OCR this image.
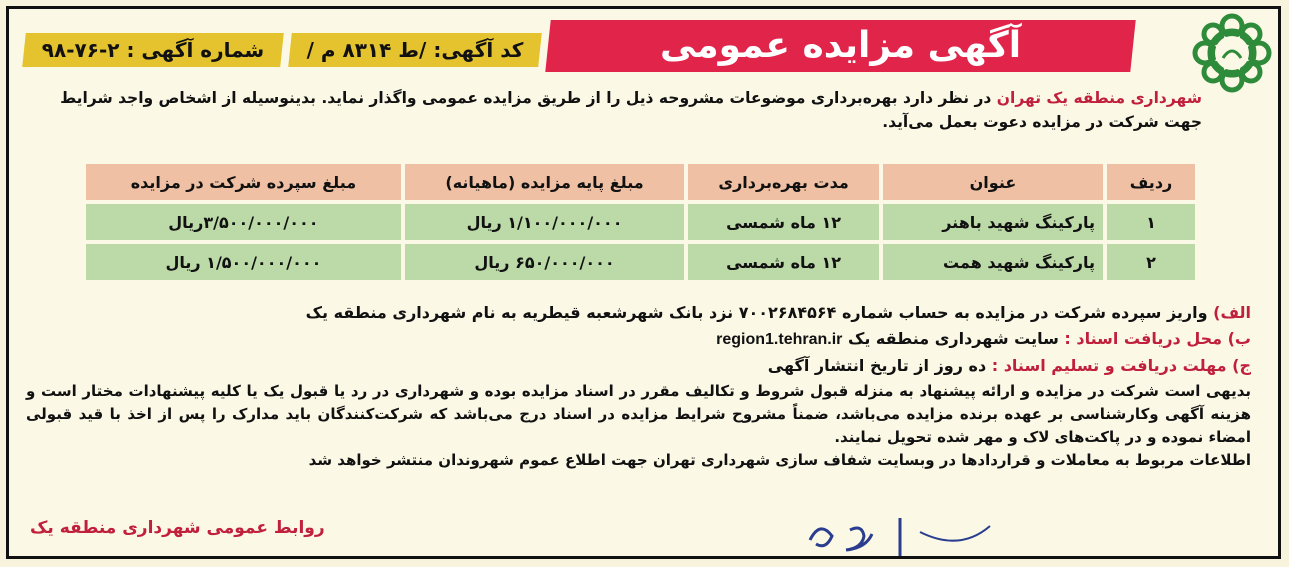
آگهی مزایده عمومی
کد آگهی: /ط ۸۳۱۴ م /
شماره آگهی : ۲-۷۶-۹۸
شهرداری منطقه یک تهران در نظر دارد بهره‌برداری موضوعات مشروحه ذیل را از طریق مزایده عمومی واگذار نماید. بدینوسیله از اشخاص واجد شرایط جهت شرکت در مزایده دعوت بعمل می‌آید.
ردیف	عنوان	مدت بهره‌برداری	مبلغ پایه مزایده (ماهیانه)	مبلغ سپرده شرکت در مزایده
۱	پارکینگ شهید باهنر	۱۲ ماه شمسی	۱/۱۰۰/۰۰۰/۰۰۰ ریال	۳/۵۰۰/۰۰۰/۰۰۰ریال
۲	پارکینگ شهید همت	۱۲ ماه شمسی	۶۵۰/۰۰۰/۰۰۰ ریال	۱/۵۰۰/۰۰۰/۰۰۰ ریال
الف) واریز سپرده شرکت در مزایده به حساب شماره ۷۰۰۲۶۸۴۵۶۴ نزد بانک شهرشعبه قیطریه به نام شهرداری منطقه یک
ب) محل دریافت اسناد : سایت شهرداری منطقه یک region1.tehran.ir
ج) مهلت دریافت و تسلیم اسناد : ده روز از تاریخ انتشار آگهی
بدیهی است شرکت در مزایده و ارائه پیشنهاد به منزله قبول شروط و تکالیف مقرر در اسناد مزایده بوده و شهرداری در رد یا قبول یک یا کلیه پیشنهادات مختار است و هزینه آگهی وکارشناسی بر عهده برنده مزایده می‌باشد، ضمناً مشروح شرایط مزایده در اسناد درج می‌باشد که شرکت‌کنندگان باید مدارک را پس از اخذ با قید قبولی امضاء نموده و در پاکت‌های لاک و مهر شده تحویل نمایند.
اطلاعات مربوط به معاملات و قراردادها در وبسایت شفاف سازی شهرداری تهران جهت اطلاع عموم شهروندان منتشر خواهد شد
روابط عمومی شهرداری منطقه یک
